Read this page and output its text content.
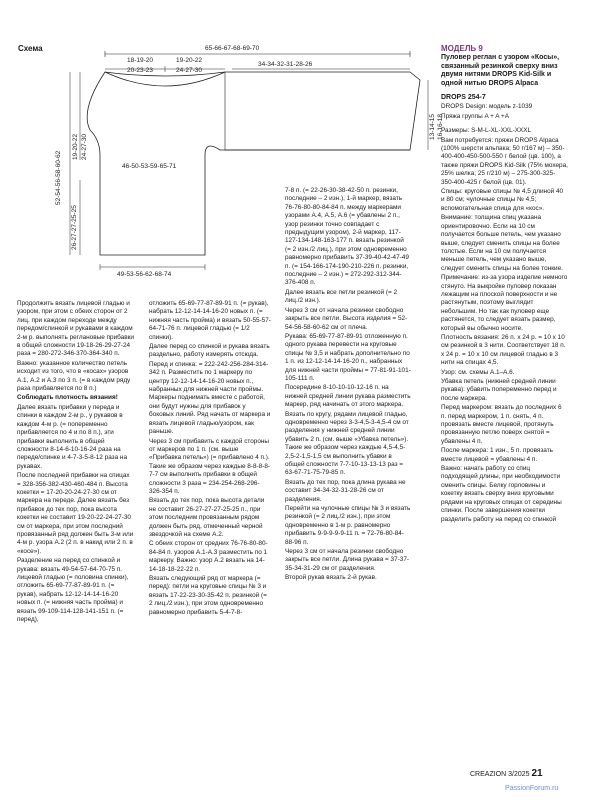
Схема	65-66-67-68-69-70
18-19-20
20-23-23
19-20-22
24-27-30
34-34-32-31-28-26
13-14-15 16-16-18
19-20-22 24-27-30
52-54-56-58-60-62
26-27-27-25-25
46-50-53-59-65-71
49-53-56-62-68-74

Продолжить вязать лицевой гладью и узором, при этом с обеих сторон от 2 лиц. при каждом переходе между передом/спинкой и рукавами в каждом 2-м р. выполнять реглановые прибавки в общей сложности 19-18-26-29-27-24 раза = 280-272-346-370-364-340 п.

Важно: указанное количество петель исходит из того, что в «косах» узоров А.1, А.2 и А.3 по 3 п. (= в каждом ряду раза прибавляется по 8 п.)

Соблюдать плотность вязания!

Далее вязать прибавки у переда и спинки в каждом 2-м р., у рукавов в каждом 4-м р. (= попеременно прибавляется по 4 и по 8 п.), эти прибавки выполнить в общей сложности 8-14-6-10-16-24 раза на переде/спинке и 4-7-3-5-8-12 раза на рукавах.

После последней прибавки на спицах = 328-356-382-430-460-484 п. Высота кокетки = 17-20-20-24-27-30 см от маркера на переде. Далее вязать без прибавок до тех пор, пока высота кокетки не составит 19-20-22-24-27-30 см от маркера, при этом последний провязанный ряд должен быть 3-м или 4-м р. узора А.2 (2 п. в накид или 2 п. в «косе»).

Разделение на перед со спинкой и рукава: вязать 49-54-57-64-70-75 п. лицевой гладью (= половина спинки), отложить 65-69-77-87-89-91 п. (= рукав), набрать 12-12-14-14-16-20 новых п. (= нижняя часть пройма) и вязать 99-109-114-128-141-151 п. (= перед),

отложить 65-69-77-87-89-91 п. (= рукав), набрать 12-12-14-14-16-20 новых п. (= нижняя часть пройма) и вязать 50-55-57-64-71-76 п. лицевой гладью (= 1/2 спинки).

Далее перед со спинкой и рукава вязать раздельно, работу измерять отсюда.

Перед и спинка: = 222-242-256-284-314-342 п. Разместить по 1 маркеру по центру 12-12-14-14-16-20 новых п., набранных для нижней части проймы. Маркеры поднимать вместе с работой, они будут нужны для прибавок у боковых линий. Ряд начать от маркера и вязать лицевой гладью/узором, как раньше.

Через 3 см прибавить с каждой стороны от маркеров по 1 п. (см. выше «Прибавка петель») (= прибавлено 4 п.). Такие же образом через каждые 8-8-8-8-7-7 см выполнить прибавки в общей сложности 3 раза = 234-254-268-296-326-354 п.

Вязать до тех пор, пока высота детали не составит 26-27-27-27-25-25 п., при этом последним провязанным рядом должен быть ряд, отмеченный черной звездочкой на схеме А.2.

С обеих сторон от средних 76-76-80-80-84-84 п. узоров А.1-А.3 разместить по 1 маркеру. Важно: узор А.2 вязать на 14-14-18-18-22-22 п.

Вязать следующий ряд от маркера (= перед): петли на круговые спицы № 3 и вязать 17-22-23-30-35-42 п. резинкой (= 2 лиц./2 изн.), при этом одновременно равномерно прибавить 5-4-7-8-

7-8 п. (= 22-26-30-38-42-50 п. резинки, последние – 2 изн.), 1-й маркер, вязать 76-76-80-80-84-84 п. между маркерами узорами А.4, А.5, А.6 (= убавлены 2 п., узор резинки точно совпадает с предыдущим узором), 2-й маркер, 117-127-134-148-163-177 п. вязать резинкой (= 2 изн./2 лиц.), при этом одновременно равномерно прибавить 37-39-40-42-47-49 п. (= 154-166-174-190-210-226 п. резинки, последние – 2 изн.) = 272-292-312-344-376-408 п.

Далее вязать все петли резинкой (= 2 лиц./2 изн.).

Через 3 см от начала резинки свободно закрыть все петли. Высота изделия = 52-54-56-58-60-62 см от плеча.

Рукава: 65-69-77-87-89-91 отложенную п. одного рукава перевести на круговые спицы № 3,5 и набрать дополнительно по 1 п. из 12-12-14-14-16-20 п., набранных для нижней части проймы = 77-81-91-101-105-111 п.

Посередине 8-10-10-10-12-16 п. на нижней средней линии рукава разместить маркер, ряд начинать от этого маркера.

Вязать по кругу, рядами лицевой гладью, одновременно через 3-3-4,5-3-4,5-4 см от разделения у нижней средней линии убавить 2 п. (см. выше «Убавка петель»). Такие же образом через каждые 4,5-4,5-2,5-2-1,5-1,5 см выполнить убавки в общей сложности 7-7-10-13-13-13 раз = 63-67-71-75-79-85 п.

Вязать до тех пор, пока длина рукава не составит 34-34-32-31-28-26 см от разделения.

Перейти на чулочные спицы № 3 и вязать резинкой (= 2 лиц./2 изн.), при этом одновременно в 1-м р. равномерно прибавить 9-9-9-9-9-11 п. = 72-76-80-84-88-96 п.

Через 3 см от начала резинки свободно закрыть все петли. Длина рукава = 37-37-35-34-31-29 см от разделения.

Второй рукав вязать 2-й рукав.

МОДЕЛЬ 9

Пуловер реглан с узором «Косы», связанный резинкой сверху вниз двумя нитями DROPS Kid-Silk и одной нитью DROPS Alpaca

DROPS 254-7

DROPS Design: модель z-1039

Пряжа группы A + A +A

Размеры: S-M-L-XL-XXL-XXXL

Вам потребуется: пряжи DROPS Alpaca (100% шерсти альпака; 50 г/167 м) – 350-400-400-450-500-550 г белой (цв. 100), а также пряжи DROPS Kid-Silk (75% мохера, 25% шелка; 25 г/210 м) – 275-300-325-350-400-425 г белой (цв. 01).

Спицы: круговые спицы № 4,5 длиной 40 и 80 см; чулочные спицы № 4,5; вспомогательная спица для «кос».

Внимание: толщина спиц указана ориентировочно. Если на 10 см получается больше петель, чем указано выше, следует сменить спицы на более толстые. Если на 10 см получается меньше петель, чем указано выше, следует сменить спицы на более тонкие.

Примечание: из-за узора изделие немного стянуто. На выкройке пуловер показан лежащим на плоской поверхности и не растянутым, поэтому выглядит небольшим. Но так как пуловер еще растянется, то следует вязать размер, который вы обычно носите.

Плотность вязания: 26 п. х 24 р. = 10 х 10 см резинкой в 3 нити. Соответствует 18 п. х 24 р. = 10 х 10 см лицевой гладью в 3 нити на спицах 4,5.

Узор: см. схемы А.1–А.6.

Убавка петель (нижней средней линии рукава): убавить попеременно перед и после маркера.

Перед маркером: вязать до последних 6 п. перед маркером, 1 п. снять, 4 п. провязать вместе лицевой, протянуть провязанную петлю поверх снятой = убавлены 4 п.

После маркера: 1 изн., 5 п. провязать вместе лицевой = убавлены 4 п.

Важно: начать работу со спиц подходящей длины, при необходимости сменить спицы. Белку горловины и кокетку вязать сверху вниз круговыми рядами на круговых спицах от середины спинки. После завершения кокетки разделить работу на перед со спинкой

CREAZION 3/2025 21
PassionForum.ru
